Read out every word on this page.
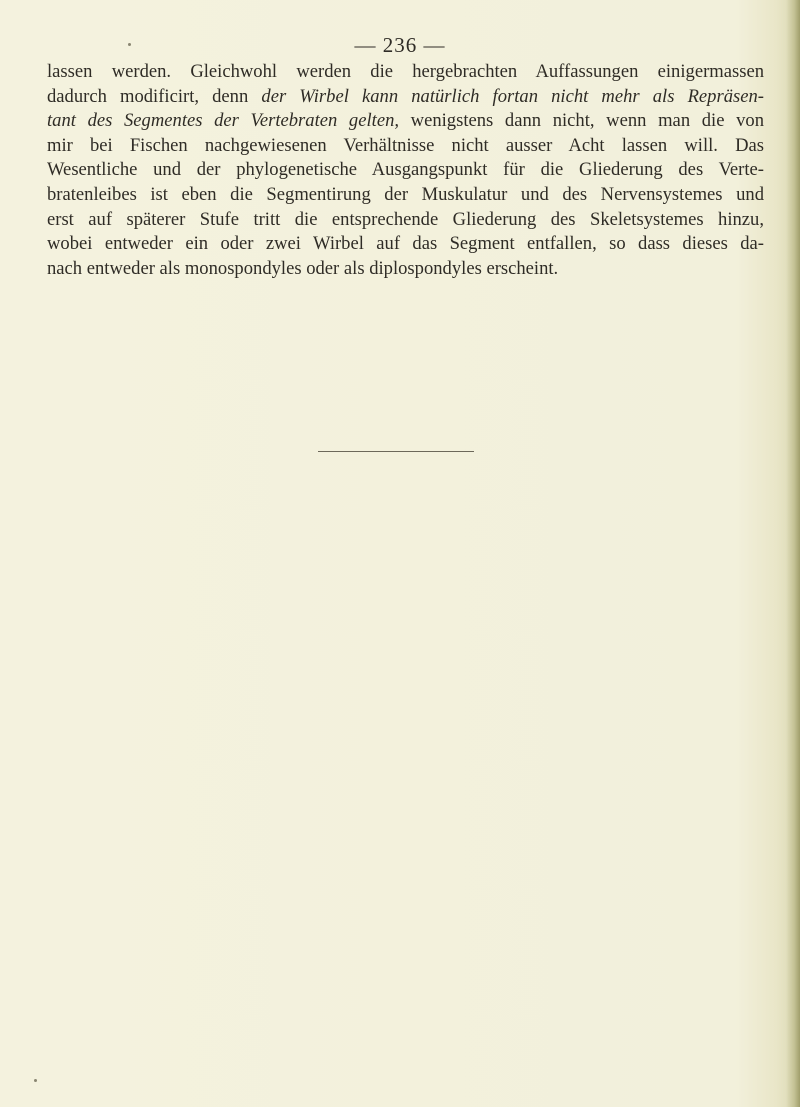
— 236 —
lassen werden. Gleichwohl werden die hergebrachten Auffassungen einigermassen
dadurch modificirt, denn der Wirbel kann natürlich fortan nicht mehr als Repräsen-
tant des Segmentes der Vertebraten gelten, wenigstens dann nicht, wenn man die von
mir bei Fischen nachgewiesenen Verhältnisse nicht ausser Acht lassen will. Das
Wesentliche und der phylogenetische Ausgangspunkt für die Gliederung des Verte-
bratenleibes ist eben die Segmentirung der Muskulatur und des Nervensystemes und
erst auf späterer Stufe tritt die entsprechende Gliederung des Skeletsystemes hinzu,
wobei entweder ein oder zwei Wirbel auf das Segment entfallen, so dass dieses da-
nach entweder als monospondyles oder als diplospondyles erscheint.
